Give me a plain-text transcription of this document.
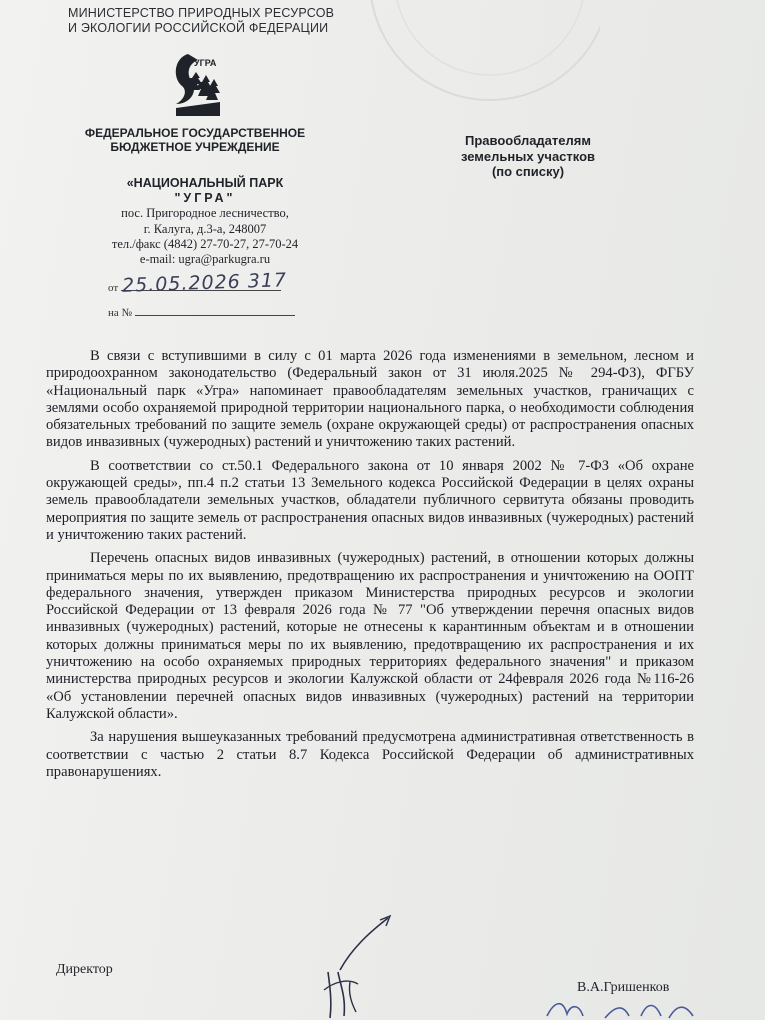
МИНИСТЕРСТВО ПРИРОДНЫХ РЕСУРСОВ
И ЭКОЛОГИИ РОССИЙСКОЙ ФЕДЕРАЦИИ
УГРА
ФЕДЕРАЛЬНОЕ ГОСУДАРСТВЕННОЕ
БЮДЖЕТНОЕ УЧРЕЖДЕНИЕ
«НАЦИОНАЛЬНЫЙ ПАРК
"УГРА"
пос. Пригородное лесничество,
г. Калуга, д.3-а, 248007
тел./факс (4842) 27-70-27, 27-70-24
e-mail: ugra@parkugra.ru
Правообладателям
земельных участков
(по списку)
от 25.05.2026 317
на №

В связи с вступившими в силу с 01 марта 2026 года изменениями в земельном, лесном и природоохранном законодательство (Федеральный закон от 31 июля.2025 № 294-ФЗ), ФГБУ «Национальный парк «Угра» напоминает правообладателям земельных участков, граничащих с землями особо охраняемой природной территории национального парка, о необходимости соблюдения обязательных требований по защите земель (охране окружающей среды) от распространения опасных видов инвазивных (чужеродных) растений и уничтожению таких растений.

В соответствии со ст.50.1 Федерального закона от 10 января 2002 № 7-ФЗ «Об охране окружающей среды», пп.4 п.2 статьи 13 Земельного кодекса Российской Федерации в целях охраны земель правообладатели земельных участков, обладатели публичного сервитута обязаны проводить мероприятия по защите земель от распространения опасных видов инвазивных (чужеродных) растений и уничтожению таких растений.

Перечень опасных видов инвазивных (чужеродных) растений, в отношении которых должны приниматься меры по их выявлению, предотвращению их распространения и уничтожению на ООПТ федерального значения, утвержден приказом Министерства природных ресурсов и экологии Российской Федерации от 13 февраля 2026 года № 77 "Об утверждении перечня опасных видов инвазивных (чужеродных) растений, которые не отнесены к карантинным объектам и в отношении которых должны приниматься меры по их выявлению, предотвращению их распространения и их уничтожению на особо охраняемых природных территориях федерального значения" и приказом министерства природных ресурсов и экологии Калужской области от 24февраля 2026 года №116-26 «Об установлении перечней опасных видов инвазивных (чужеродных) растений на территории Калужской области».

За нарушения вышеуказанных требований предусмотрена административная ответственность в соответствии с частью 2 статьи 8.7 Кодекса Российской Федерации об административных правонарушениях.

Директор
В.А.Гришенков
